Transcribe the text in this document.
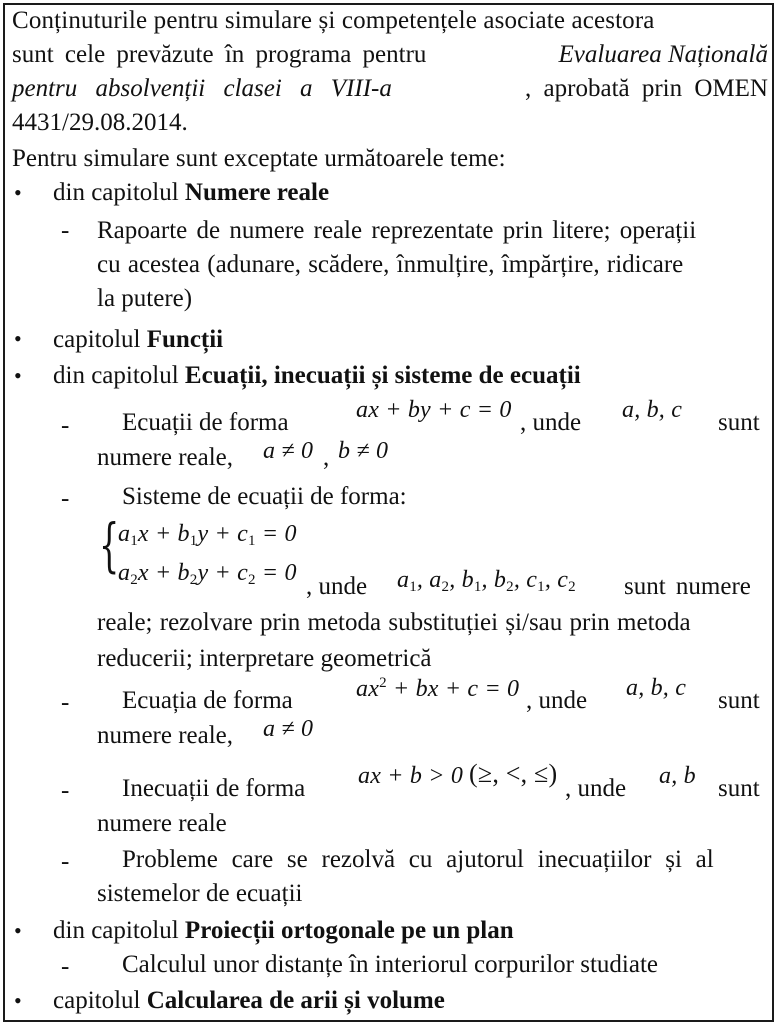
Conținuturile pentru simulare și competențele asociate acestora
sunt cele prevăzute în programa pentru	Evaluarea Națională
pentru absolvenții clasei a VIII-a	, aprobată prin OMEN
4431/29.08.2014.
Pentru simulare sunt exceptate următoarele teme:
• din capitolul Numere reale
- Rapoarte de numere reale reprezentate prin litere; operații
cu acestea (adunare, scădere, înmulțire, împărțire, ridicare
la putere)
• capitolul Funcții
• din capitolul Ecuații, inecuații și sisteme de ecuații
- Ecuații de forma	ax + by + c = 0 , unde a, b, c sunt
numere reale, a ≠ 0 , b ≠ 0
- Sisteme de ecuații de forma:
{
$a_1x + b_1y + c_1 = 0$
$a_2x + b_2y + c_2 = 0$ , unde $a_1$, $a_2$, $b_1$, $b_2$, $c_1$, $c_2$ sunt numere
reale; rezolvare prin metoda substituției și/sau prin metoda
reducerii; interpretare geometrică
- Ecuația de forma	$ax^2$ + bx + c = 0 , unde a, b, c sunt
numere reale, a ≠ 0
- Inecuații de forma ax + b > 0 (≥, <, ≤)
, unde a, b sunt
numere reale
- Probleme care se rezolvă cu ajutorul inecuațiilor și al
sistemelor de ecuații
• din capitolul Proiecții ortogonale pe un plan
- Calculul unor distanțe în interiorul corpurilor studiate
• capitolul Calcularea de arii și volume
